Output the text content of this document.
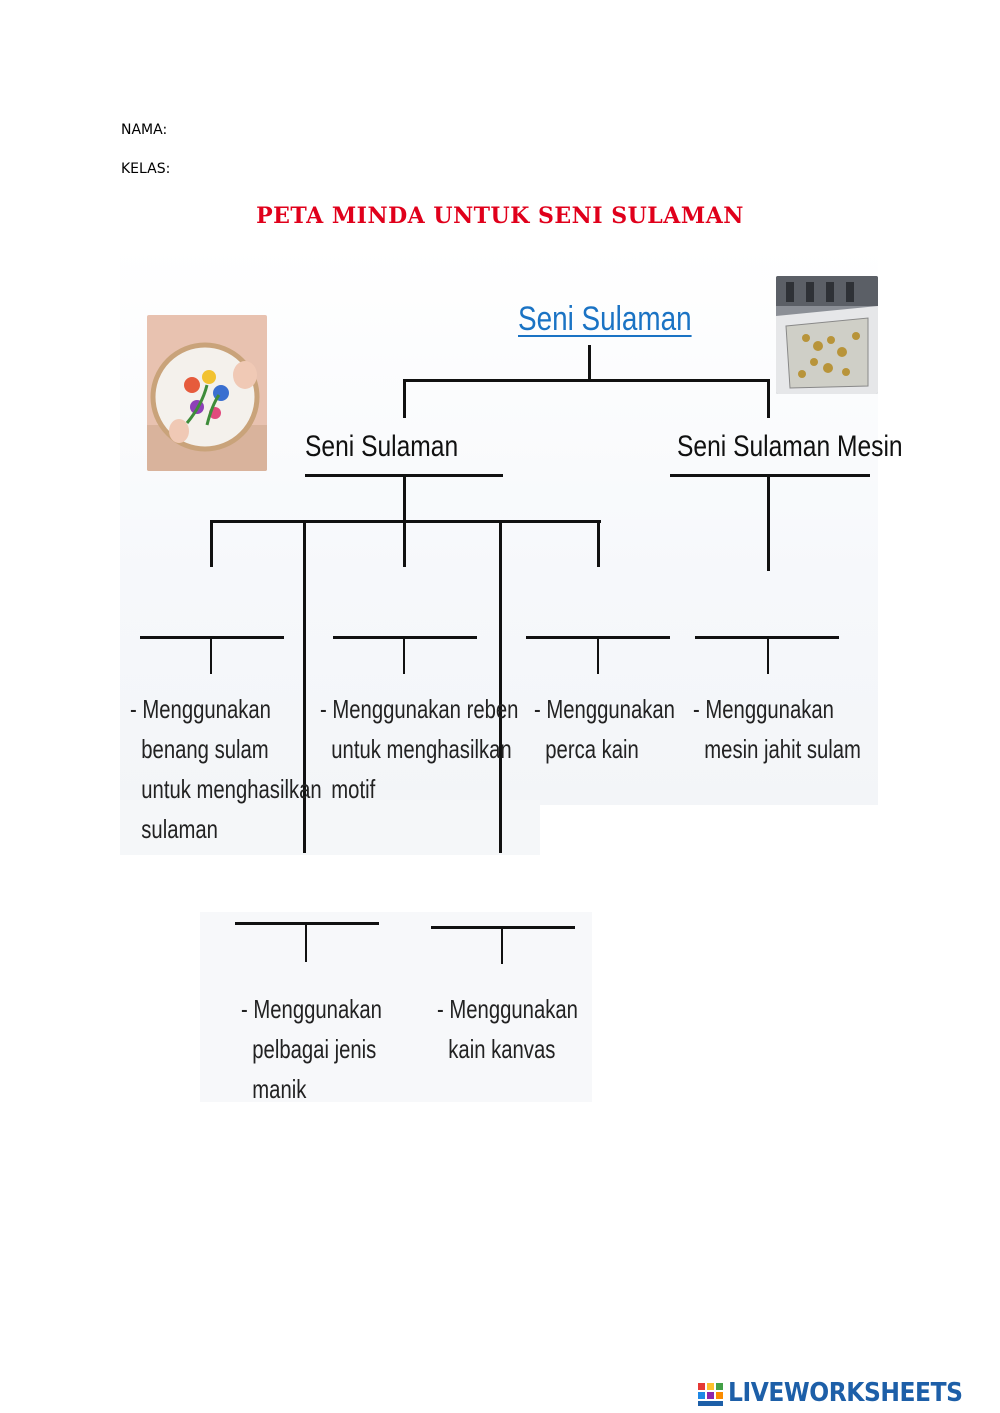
NAMA:
KELAS:
PETA MINDA UNTUK SENI SULAMAN
Seni Sulaman
Seni Sulaman	Seni Sulaman Mesin
- Menggunakan
benang sulam
untuk menghasilkan
sulaman
- Menggunakan reben
untuk menghasilkan
motif
- Menggunakan
perca kain
- Menggunakan
mesin jahit sulam
- Menggunakan
pelbagai jenis
manik
- Menggunakan
kain kanvas
LIVEWORKSHEETS
